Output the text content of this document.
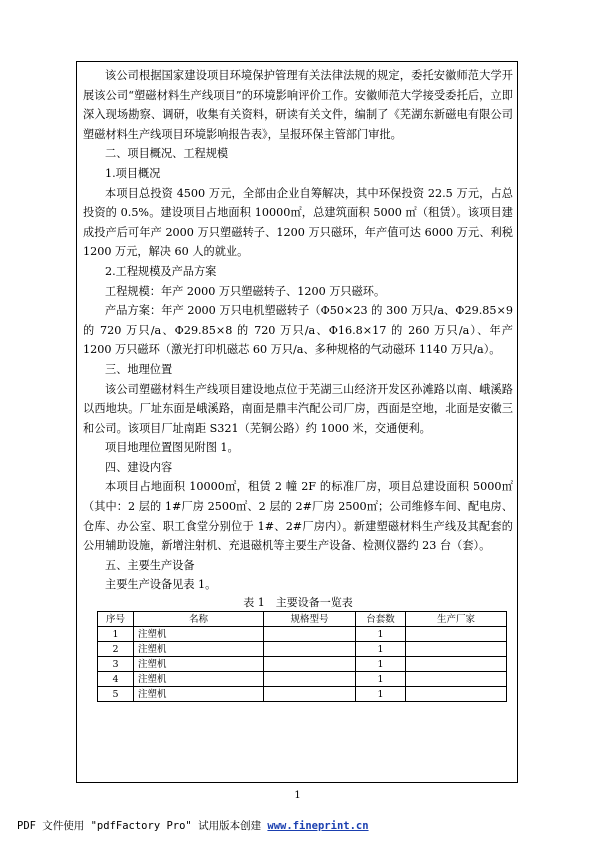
该公司根据国家建设项目环境保护管理有关法律法规的规定，委托安徽师范大学开展该公司“塑磁材料生产线项目”的环境影响评价工作。安徽师范大学接受委托后，立即深入现场勘察、调研，收集有关资料，研读有关文件，编制了《芜湖东新磁电有限公司塑磁材料生产线项目环境影响报告表》，呈报环保主管部门审批。

二、项目概况、工程规模

1.项目概况

本项目总投资 4500 万元，全部由企业自筹解决，其中环保投资 22.5 万元，占总投资的 0.5%。建设项目占地面积 10000㎡，总建筑面积 5000 ㎡（租赁）。该项目建成投产后可年产 2000 万只塑磁转子、1200 万只磁环，年产值可达 6000 万元、利税 1200 万元，解决 60 人的就业。

2.工程规模及产品方案

工程规模：年产 2000 万只塑磁转子、1200 万只磁环。

产品方案：年产 2000 万只电机塑磁转子（Φ50×23 的 300 万只/a、Φ29.85×9 的 720 万只/a、Φ29.85×8 的 720 万只/a、Φ16.8×17 的 260 万只/a）、年产 1200 万只磁环（激光打印机磁芯 60 万只/a、多种规格的气动磁环 1140 万只/a）。

三、地理位置

该公司塑磁材料生产线项目建设地点位于芜湖三山经济开发区孙滩路以南、峨溪路以西地块。厂址东面是峨溪路，南面是鼎丰汽配公司厂房，西面是空地，北面是安徽三和公司。该项目厂址南距 S321（芜铜公路）约 1000 米，交通便利。

项目地理位置图见附图 1。

四、建设内容

本项目占地面积 10000㎡，租赁 2 幢 2F 的标准厂房，项目总建设面积 5000㎡（其中：2 层的 1#厂房 2500㎡、2 层的 2#厂房 2500㎡；公司维修车间、配电房、仓库、办公室、职工食堂分别位于 1#、2#厂房内）。新建塑磁材料生产线及其配套的公用辅助设施，新增注射机、充退磁机等主要生产设备、检测仪器约 23 台（套）。

五、主要生产设备

主要生产设备见表 1。

表 1　主要设备一览表
序号	名称	规格型号	台套数	生产厂家
1	注塑机		1	
2	注塑机		1	
3	注塑机		1	
4	注塑机		1	
5	注塑机		1	
1
PDF 文件使用 "pdfFactory Pro" 试用版本创建 www.fineprint.cn
